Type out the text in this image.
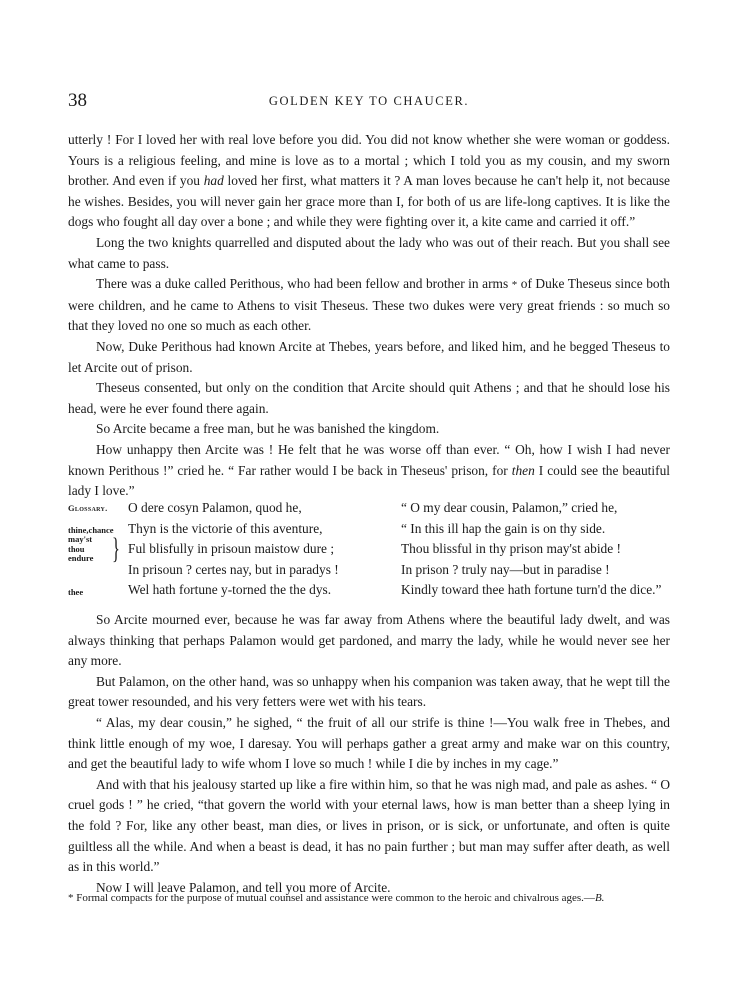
38	GOLDEN KEY TO CHAUCER.

utterly ! For I loved her with real love before you did. You did not know whether she were woman or goddess. Yours is a religious feeling, and mine is love as to a mortal ; which I told you as my cousin, and my sworn brother. And even if you had loved her first, what matters it ? A man loves because he can't help it, not because he wishes. Besides, you will never gain her grace more than I, for both of us are life-long captives. It is like the dogs who fought all day over a bone ; and while they were fighting over it, a kite came and carried it off.”

Long the two knights quarrelled and disputed about the lady who was out of their reach. But you shall see what came to pass.

There was a duke called Perithous, who had been fellow and brother in arms * of Duke Theseus since both were children, and he came to Athens to visit Theseus. These two dukes were very great friends : so much so that they loved no one so much as each other.

Now, Duke Perithous had known Arcite at Thebes, years before, and liked him, and he begged Theseus to let Arcite out of prison.

Theseus consented, but only on the condition that Arcite should quit Athens ; and that he should lose his head, were he ever found there again.

So Arcite became a free man, but he was banished the kingdom.

How unhappy then Arcite was ! He felt that he was worse off than ever. “ Oh, how I wish I had never known Perithous !” cried he. “ Far rather would I be back in Theseus' prison, for then I could see the beautiful lady I love.”

Glossary. O dere cosyn Palamon, quod he,	“ O my dear cousin, Palamon,” cried he,
thine,chance Thyn is the victorie of this aventure,	“ In this ill hap the gain is on thy side.
may'st
thou
endure } Ful blisfully in prisoun maistow dure ;	Thou blissful in thy prison may'st abide !
In prisoun ? certes nay, but in paradys !	In prison ? truly nay—but in paradise !
thee	Wel hath fortune y-torned the the dys.	Kindly toward thee hath fortune turn'd the dice.”

So Arcite mourned ever, because he was far away from Athens where the beautiful lady dwelt, and was always thinking that perhaps Palamon would get pardoned, and marry the lady, while he would never see her any more.

But Palamon, on the other hand, was so unhappy when his companion was taken away, that he wept till the great tower resounded, and his very fetters were wet with his tears.

“ Alas, my dear cousin,” he sighed, “ the fruit of all our strife is thine !—You walk free in Thebes, and think little enough of my woe, I daresay. You will perhaps gather a great army and make war on this country, and get the beautiful lady to wife whom I love so much ! while I die by inches in my cage.”

And with that his jealousy started up like a fire within him, so that he was nigh mad, and pale as ashes. “ O cruel gods ! ” he cried, “that govern the world with your eternal laws, how is man better than a sheep lying in the fold ? For, like any other beast, man dies, or lives in prison, or is sick, or unfortunate, and often is quite guiltless all the while. And when a beast is dead, it has no pain further ; but man may suffer after death, as well as in this world.”

Now I will leave Palamon, and tell you more of Arcite.

* Formal compacts for the purpose of mutual counsel and assistance were common to the heroic and chivalrous ages.—B.
